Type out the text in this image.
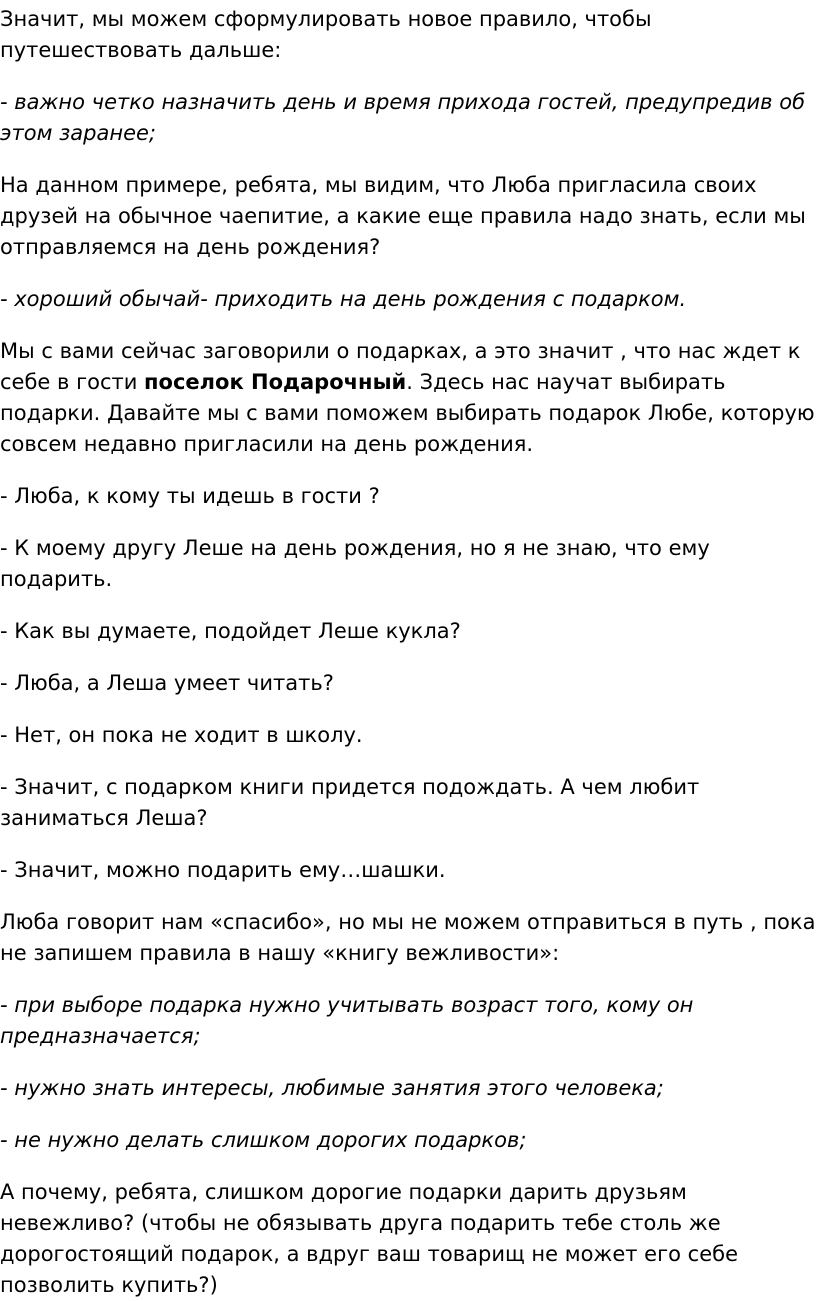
Значит, мы можем сформулировать новое правило, чтобы путешествовать дальше:

- важно четко назначить день и время прихода гостей, предупредив об этом заранее;

На данном примере, ребята, мы видим, что Люба пригласила своих друзей на обычное чаепитие, а какие еще правила надо знать, если мы отправляемся на день рождения?

- хороший обычай- приходить на день рождения с подарком.

Мы с вами сейчас заговорили о подарках, а это значит , что нас ждет к себе в гости поселок Подарочный. Здесь нас научат выбирать подарки. Давайте мы с вами поможем выбирать подарок Любе, которую совсем недавно пригласили на день рождения.

- Люба, к кому ты идешь в гости ?

- К моему другу Леше на день рождения, но я не знаю, что ему подарить.

- Как вы думаете, подойдет Леше кукла?

- Люба, а Леша умеет читать?

- Нет, он пока не ходит в школу.

- Значит, с подарком книги придется подождать. А чем любит заниматься Леша?

- Значит, можно подарить ему…шашки.

Люба говорит нам «спасибо», но мы не можем отправиться в путь , пока не запишем правила в нашу «книгу вежливости»:

- при выборе подарка нужно учитывать возраст того, кому он предназначается;

- нужно знать интересы, любимые занятия этого человека;

- не нужно делать слишком дорогих подарков;

А почему, ребята, слишком дорогие подарки дарить друзьям невежливо? (чтобы не обязывать друга подарить тебе столь же дорогостоящий подарок, а вдруг ваш товарищ не может его себе позволить купить?)
